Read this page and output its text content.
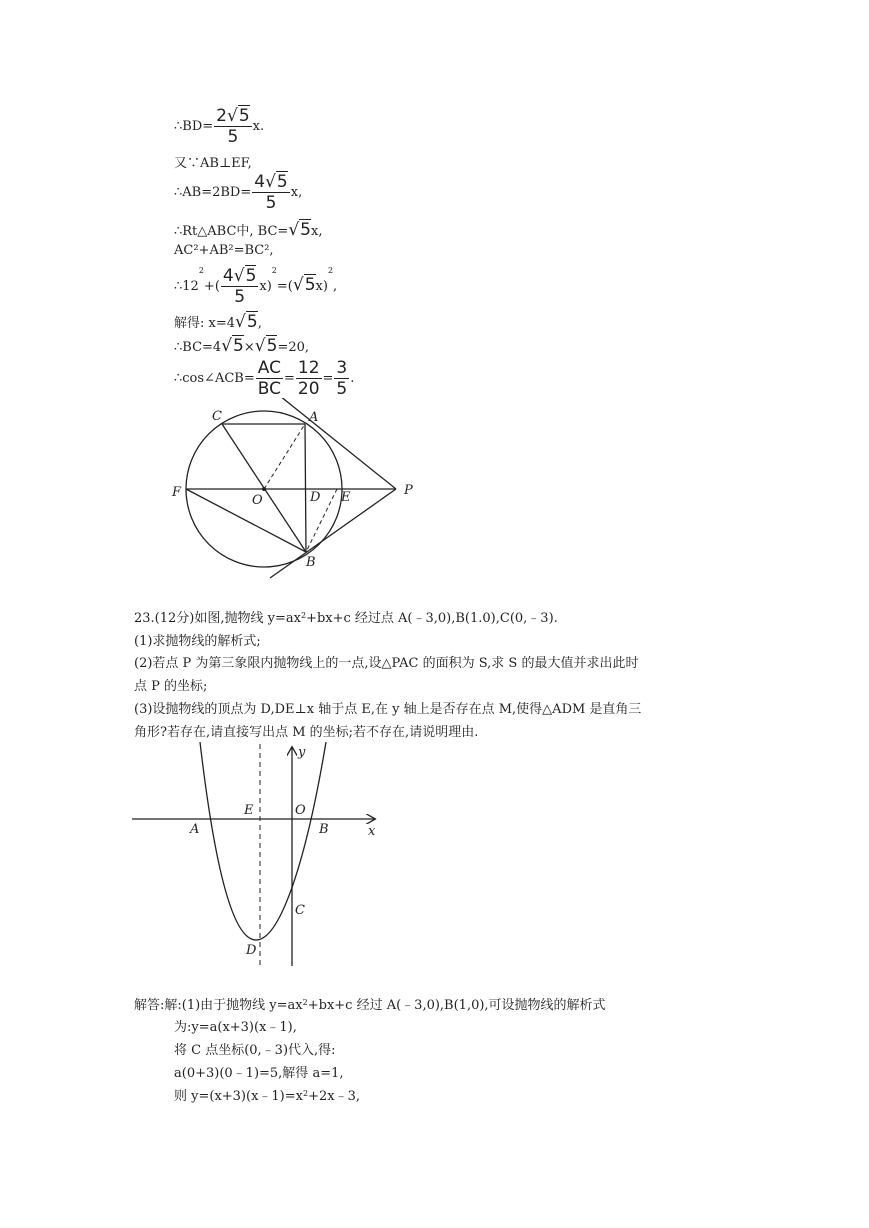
∴BD= $\frac{2√5}{5} x$.
又∵AB⊥EF,
∴AB=2BD= $\frac{4√5}{5} x$,
∴Rt△ABC中, BC=√5x,
AC²+AB²=BC²,
$\therefore 12^2+( \frac{4√5}{5} x)^2=(√5x)^2$,
解得: x=4√5,
∴BC=4√5×√5=20,
∴cos∠ACB= $\frac{AC}{BC} = \frac{12}{20} = \frac{3}{5}$ .
C	A
F
O	D E	P
B
23.(12分)如图,抛物线 $y=ax^2+bx+c$ 经过点 A(﹣3,0),B(1.0),C(0,﹣3).
(1)求抛物线的解析式;
(2)若点 P 为第三象限内抛物线上的一点,设△PAC 的面积为 S,求 S 的最大值并求出此时
点 P 的坐标;
(3)设抛物线的顶点为 D,DE⊥x 轴于点 E,在 y 轴上是否存在点 M,使得△ADM 是直角三
角形?若存在,请直接写出点 M 的坐标;若不存在,请说明理由.
y
E	O
A	B	x
C
D
解答:解:(1)由于抛物线 $y=ax^2+bx+c$ 经过 A(﹣3,0),B(1,0),可设抛物线的解析式
为:y=a(x+3)(x﹣1),
将 C 点坐标(0,﹣3)代入,得:
a(0+3)(0﹣1)=5,解得 a=1,
则 $y=(x+3)(x﹣1)=x^2+2x﹣3$,
